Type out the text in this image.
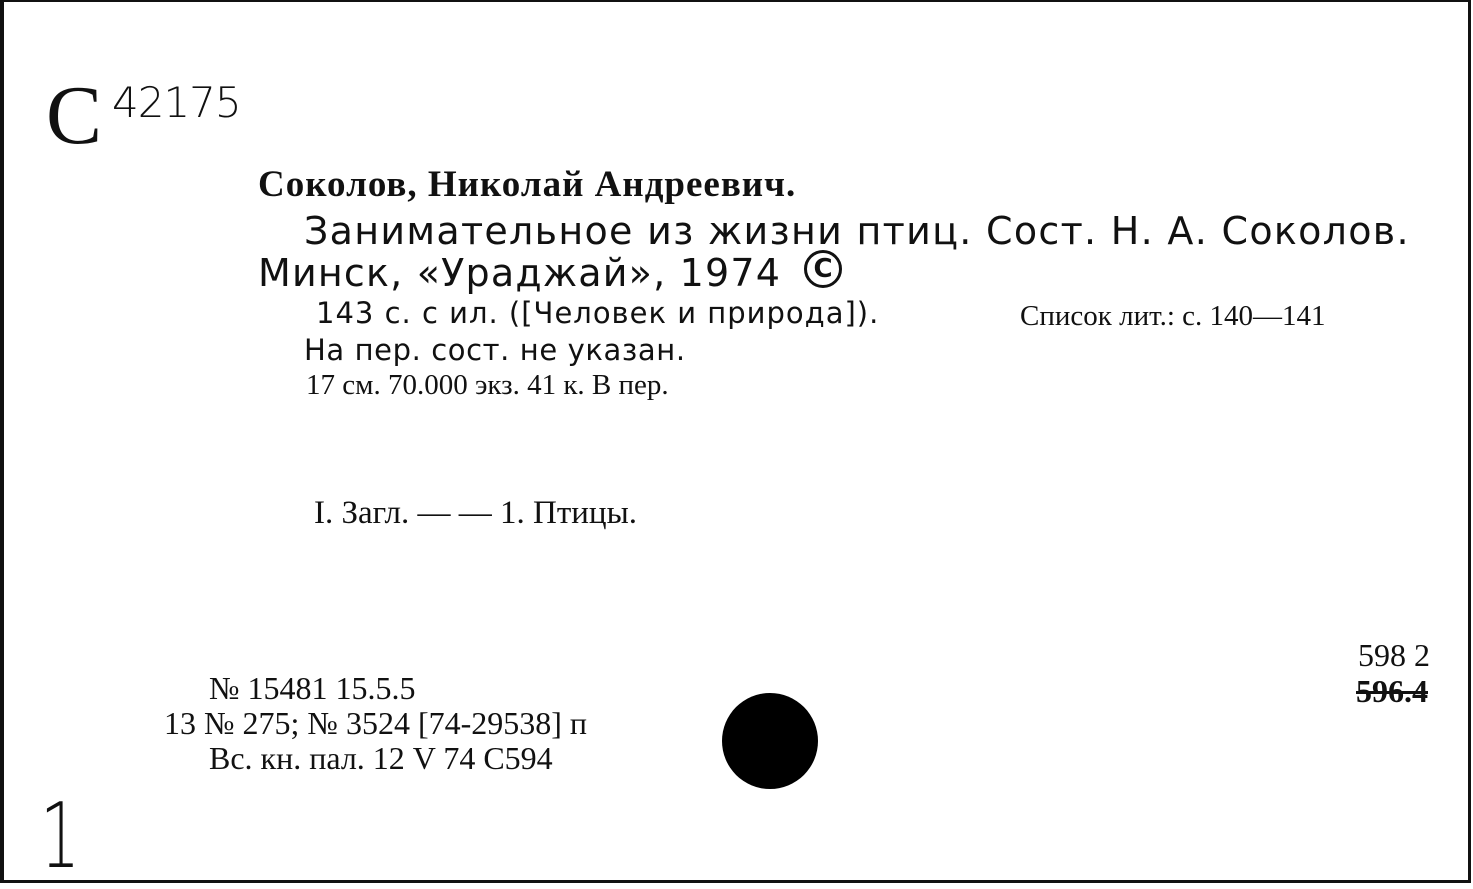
C 42175
Соколов, Николай Андреевич.
Занимательное из жизни птиц. Сост. Н. А. Соколов.
Минск, «Ураджай», 1974	C
143 с. с ил. ([Человек и природа]).	Список лит.: с. 140—141
На пер. сост. не указан.
17 см. 70.000 экз. 41 к. В пер.
I. Загл. — — 1. Птицы.
№ 15481 15.5.5
13 № 275; № 3524 [74-29538] п
Вс. кн. пал. 12 V 74 С594
598 2
596.4
1
